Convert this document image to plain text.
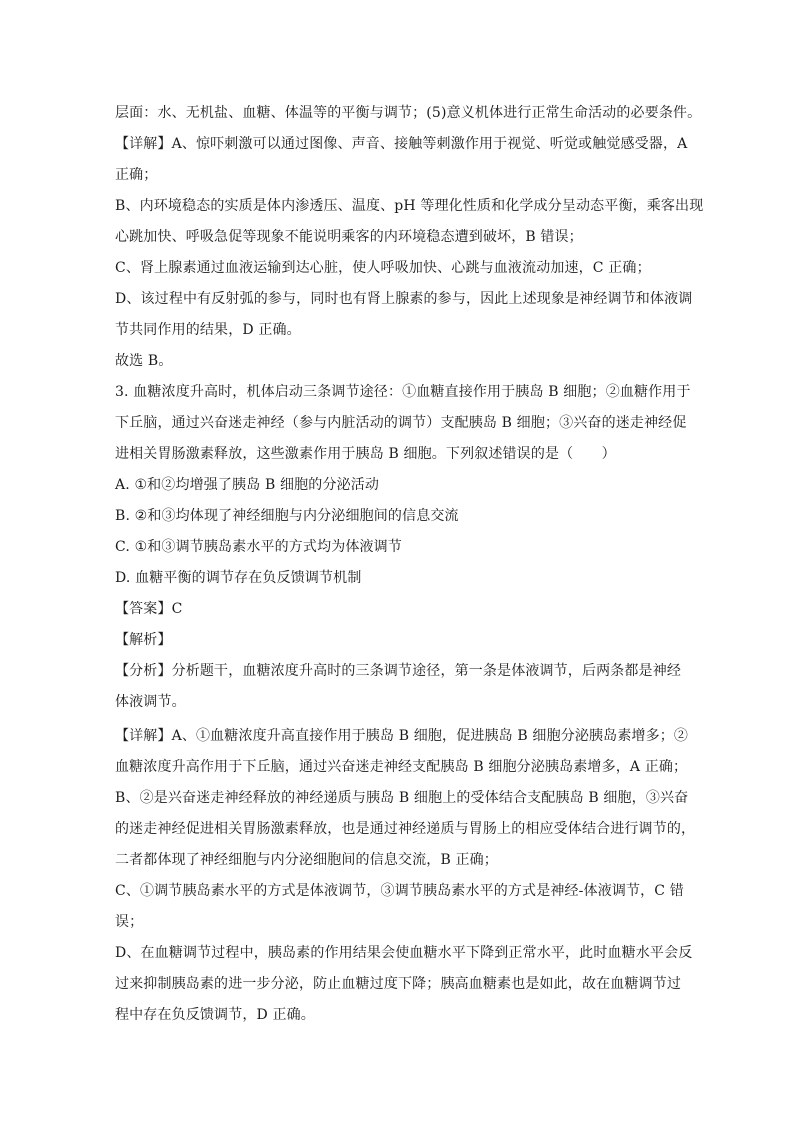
层面：水、无机盐、血糖、体温等的平衡与调节；(5)意义机体进行正常生命活动的必要条件。
【详解】A、惊吓刺激可以通过图像、声音、接触等刺激作用于视觉、听觉或触觉感受器，A
正确；
B、内环境稳态的实质是体内渗透压、温度、pH 等理化性质和化学成分呈动态平衡，乘客出现
心跳加快、呼吸急促等现象不能说明乘客的内环境稳态遭到破坏，B 错误；
C、肾上腺素通过血液运输到达心脏，使人呼吸加快、心跳与血液流动加速，C 正确；
D、该过程中有反射弧的参与，同时也有肾上腺素的参与，因此上述现象是神经调节和体液调
节共同作用的结果，D 正确。
故选 B。
3. 血糖浓度升高时，机体启动三条调节途径：①血糖直接作用于胰岛 B 细胞；②血糖作用于
下丘脑，通过兴奋迷走神经（参与内脏活动的调节）支配胰岛 B 细胞；③兴奋的迷走神经促
进相关胃肠激素释放，这些激素作用于胰岛 B 细胞。下列叙述错误的是（　　）
A. ①和②均增强了胰岛 B 细胞的分泌活动
B. ②和③均体现了神经细胞与内分泌细胞间的信息交流
C. ①和③调节胰岛素水平的方式均为体液调节
D. 血糖平衡的调节存在负反馈调节机制
【答案】C
【解析】
【分析】分析题干，血糖浓度升高时的三条调节途径，第一条是体液调节，后两条都是神经
体液调节。
【详解】A、①血糖浓度升高直接作用于胰岛 B 细胞，促进胰岛 B 细胞分泌胰岛素增多；②
血糖浓度升高作用于下丘脑，通过兴奋迷走神经支配胰岛 B 细胞分泌胰岛素增多，A 正确；
B、②是兴奋迷走神经释放的神经递质与胰岛 B 细胞上的受体结合支配胰岛 B 细胞，③兴奋
的迷走神经促进相关胃肠激素释放，也是通过神经递质与胃肠上的相应受体结合进行调节的，
二者都体现了神经细胞与内分泌细胞间的信息交流，B 正确；
C、①调节胰岛素水平的方式是体液调节，③调节胰岛素水平的方式是神经-体液调节，C 错
误；
D、在血糖调节过程中，胰岛素的作用结果会使血糖水平下降到正常水平，此时血糖水平会反
过来抑制胰岛素的进一步分泌，防止血糖过度下降；胰高血糖素也是如此，故在血糖调节过
程中存在负反馈调节，D 正确。
